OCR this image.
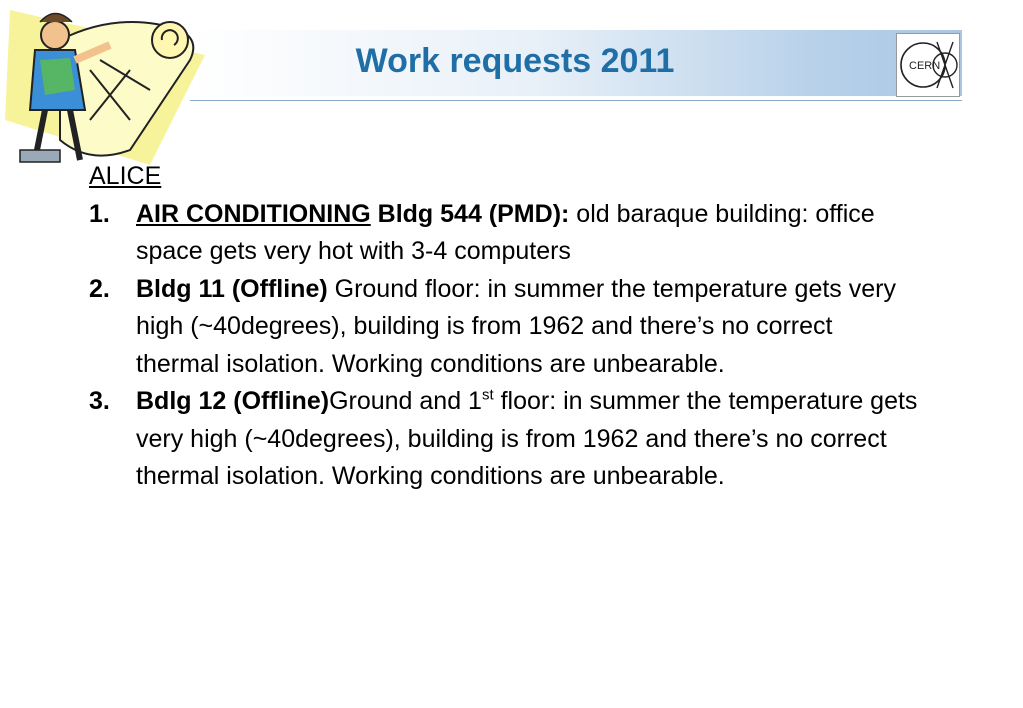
Work requests 2011	CERN
ALICE
1. AIR CONDITIONING Bldg 544 (PMD): old baraque building: office space gets very hot with 3-4 computers
2. Bldg 11 (Offline) Ground floor: in summer the temperature gets very high (~40degrees), building is from 1962 and there’s no correct thermal isolation. Working conditions are unbearable.
3. Bdlg 12 (Offline)Ground and 1st floor: in summer the temperature gets very high (~40degrees), building is from 1962 and there’s no correct thermal isolation. Working conditions are unbearable.
